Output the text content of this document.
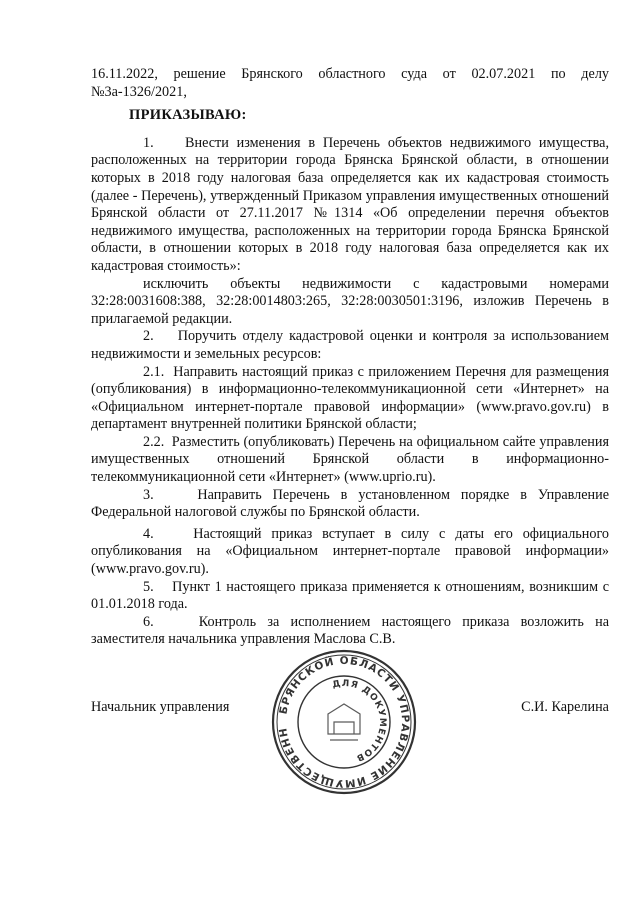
16.11.2022, решение Брянского областного суда от 02.07.2021 по делу №3а-1326/2021,

ПРИКАЗЫВАЮ:

1.    Внести изменения в Перечень объектов недвижимого имущества, расположенных на территории города Брянска Брянской области, в отношении которых в 2018 году налоговая база определяется как их кадастровая стоимость (далее - Перечень), утвержденный Приказом управления имущественных отношений Брянской области от 27.11.2017 №1314 «Об определении перечня объектов недвижимого имущества, расположенных на территории города Брянска Брянской области, в отношении которых в 2018 году налоговая база определяется как их кадастровая стоимость»:

исключить объекты недвижимости с кадастровыми номерами 32:28:0031608:388, 32:28:0014803:265, 32:28:0030501:3196, изложив Перечень в прилагаемой редакции.

2.    Поручить отделу кадастровой оценки и контроля за использованием недвижимости и земельных ресурсов:

2.1.  Направить настоящий приказ с приложением Перечня для размещения (опубликования) в информационно-телекоммуникационной сети «Интернет» на «Официальном интернет-портале правовой информации» (www.pravo.gov.ru) в департамент внутренней политики Брянской области;

2.2.  Разместить (опубликовать) Перечень на официальном сайте управления имущественных отношений Брянской области в информационно-телекоммуникационной сети «Интернет» (www.uprio.ru).

3.    Направить Перечень в установленном порядке в Управление Федеральной налоговой службы по Брянской области.

4.    Настоящий приказ вступает в силу с даты его официального опубликования на «Официальном интернет-портале правовой информации» (www.pravo.gov.ru).

5.    Пункт 1 настоящего приказа применяется к отношениям, возникшим с 01.01.2018 года.

6.    Контроль за исполнением настоящего приказа возложить на заместителя начальника управления Маслова С.В.

Начальник управления	С.И. Карелина
БРЯНСКОЙ ОБЛАСТИ УПРАВЛЕНИЕ ИМУЩЕСТВЕНН
ДЛЯ ДОКУМЕНТОВ
